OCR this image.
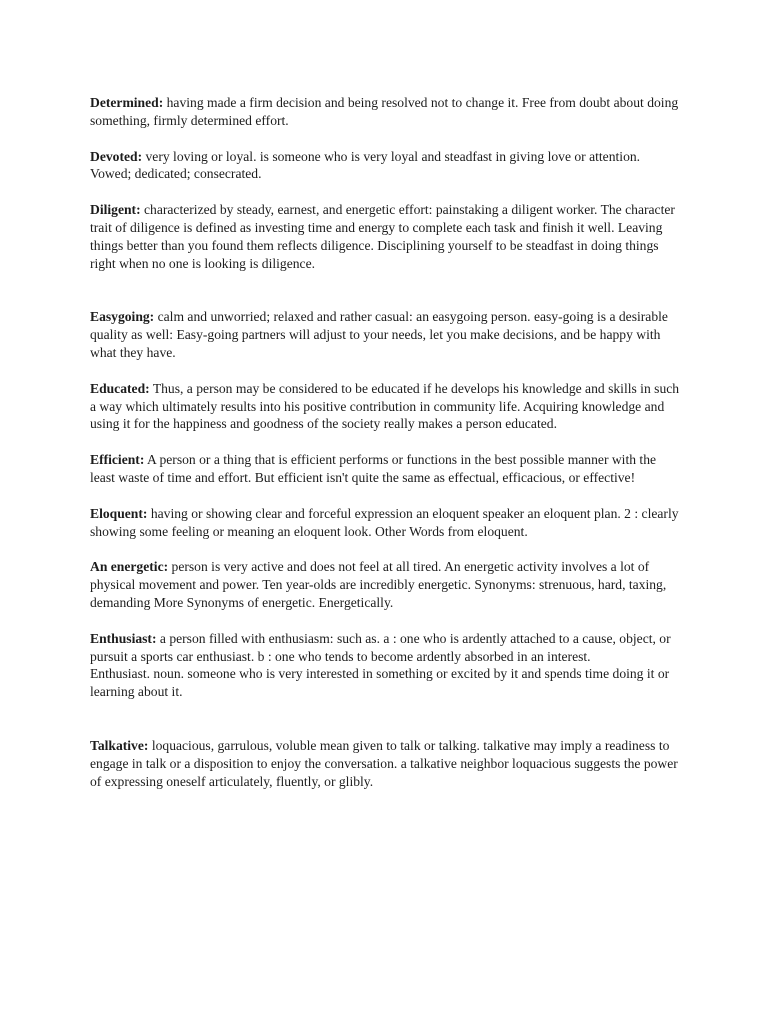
Determined: having made a firm decision and being resolved not to change it. Free from doubt about doing something, firmly determined effort.

Devoted: very loving or loyal. is someone who is very loyal and steadfast in giving love or attention. Vowed; dedicated; consecrated.

Diligent: characterized by steady, earnest, and energetic effort: painstaking a diligent worker. The character trait of diligence is defined as investing time and energy to complete each task and finish it well. Leaving things better than you found them reflects diligence. Disciplining yourself to be steadfast in doing things right when no one is looking is diligence.

Easygoing: calm and unworried; relaxed and rather casual: an easygoing person. easy-going is a desirable quality as well: Easy-going partners will adjust to your needs, let you make decisions, and be happy with what they have.

Educated: Thus, a person may be considered to be educated if he develops his knowledge and skills in such a way which ultimately results into his positive contribution in community life. Acquiring knowledge and using it for the happiness and goodness of the society really makes a person educated.

Efficient: A person or a thing that is efficient performs or functions in the best possible manner with the least waste of time and effort. But efficient isn't quite the same as effectual, efficacious, or effective!

Eloquent: having or showing clear and forceful expression an eloquent speaker an eloquent plan. 2 : clearly showing some feeling or meaning an eloquent look. Other Words from eloquent.

An energetic: person is very active and does not feel at all tired. An energetic activity involves a lot of physical movement and power. Ten year-olds are incredibly energetic. Synonyms: strenuous, hard, taxing, demanding More Synonyms of energetic. Energetically.

Enthusiast: a person filled with enthusiasm: such as. a : one who is ardently attached to a cause, object, or pursuit a sports car enthusiast. b : one who tends to become ardently absorbed in an interest.
Enthusiast. noun. someone who is very interested in something or excited by it and spends time doing it or learning about it.

Talkative: loquacious, garrulous, voluble mean given to talk or talking. talkative may imply a readiness to engage in talk or a disposition to enjoy the conversation. a talkative neighbor loquacious suggests the power of expressing oneself articulately, fluently, or glibly.
